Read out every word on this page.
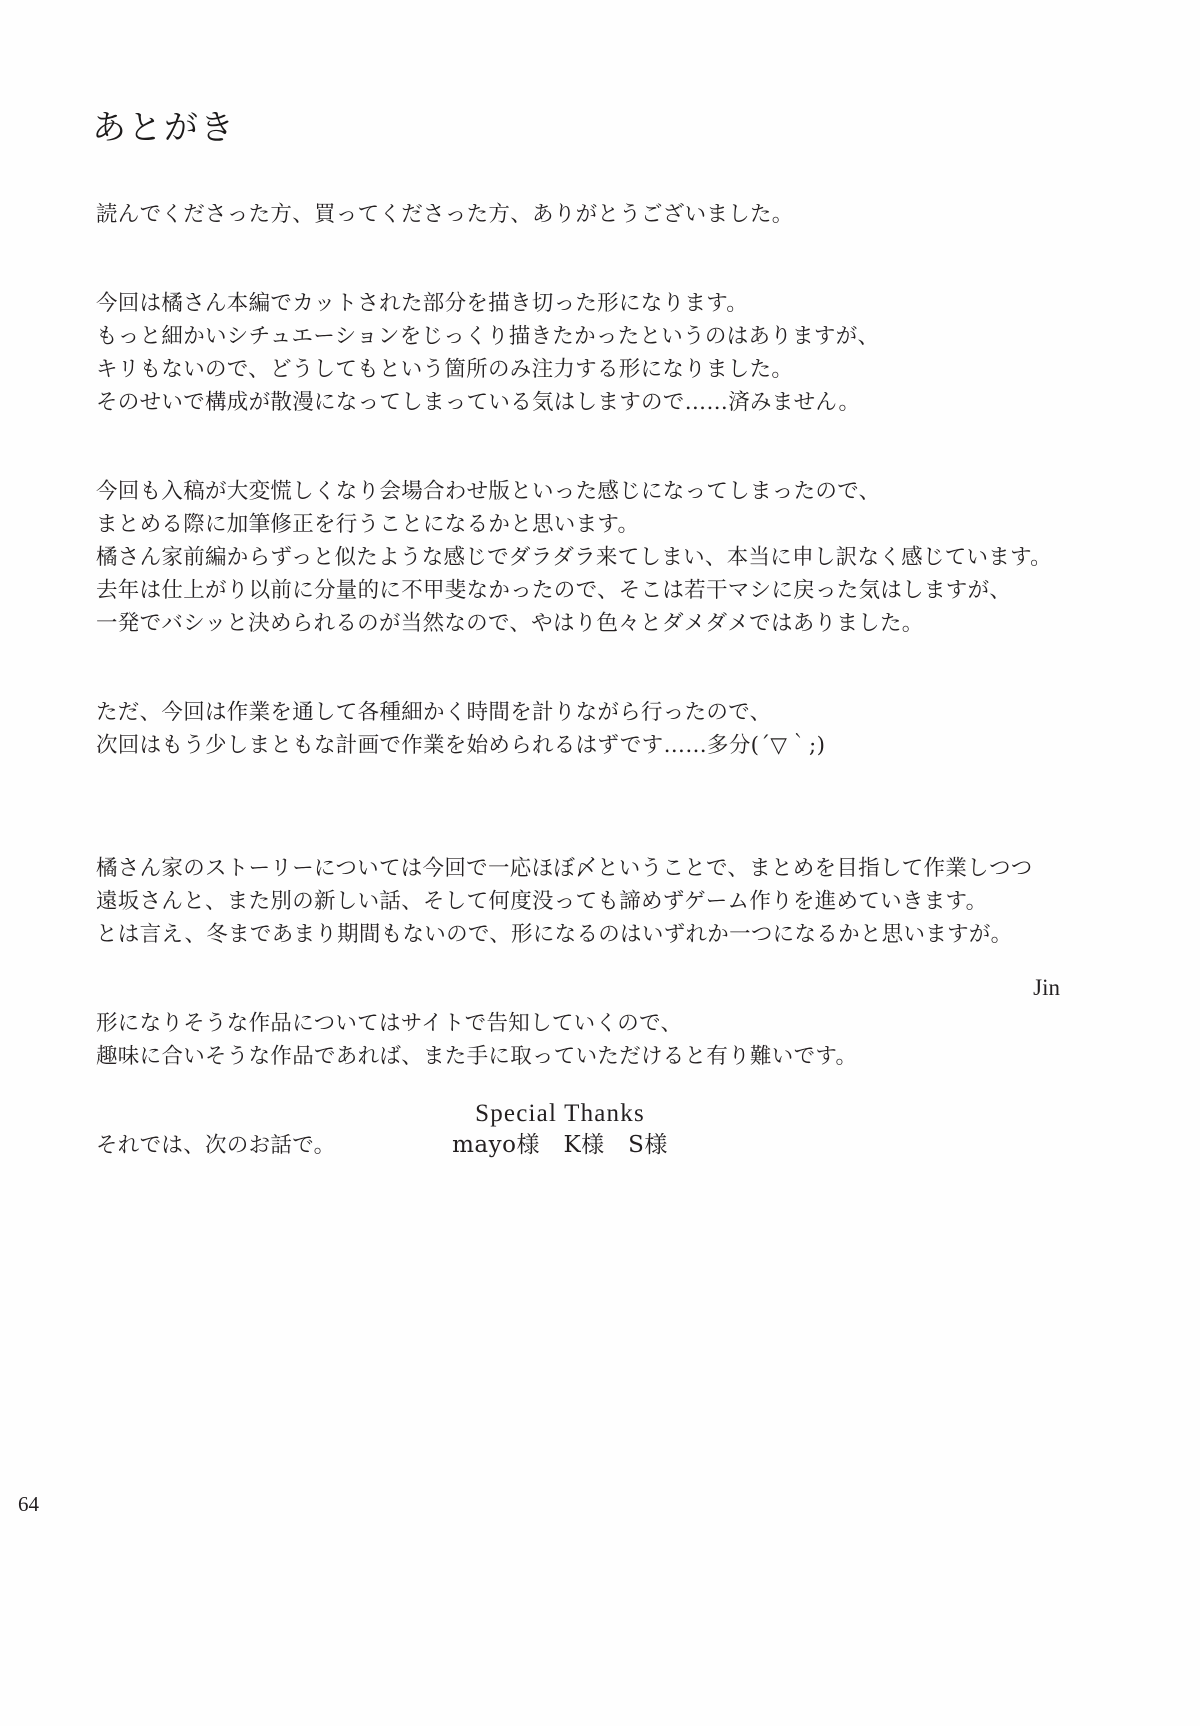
あとがき
読んでくださった方、買ってくださった方、ありがとうございました。
今回は橘さん本編でカットされた部分を描き切った形になります。
もっと細かいシチュエーションをじっくり描きたかったというのはありますが、
キリもないので、どうしてもという箇所のみ注力する形になりました。
そのせいで構成が散漫になってしまっている気はしますので……済みません。
今回も入稿が大変慌しくなり会場合わせ版といった感じになってしまったので、
まとめる際に加筆修正を行うことになるかと思います。
橘さん家前編からずっと似たような感じでダラダラ来てしまい、本当に申し訳なく感じています。
去年は仕上がり以前に分量的に不甲斐なかったので、そこは若干マシに戻った気はしますが、
一発でバシッと決められるのが当然なので、やはり色々とダメダメではありました。
ただ、今回は作業を通して各種細かく時間を計りながら行ったので、
次回はもう少しまともな計画で作業を始められるはずです……多分(´▽｀;)
橘さん家のストーリーについては今回で一応ほぼ〆ということで、まとめを目指して作業しつつ
遠坂さんと、また別の新しい話、そして何度没っても諦めずゲーム作りを進めていきます。
とは言え、冬まであまり期間もないので、形になるのはいずれか一つになるかと思いますが。
形になりそうな作品についてはサイトで告知していくので、
趣味に合いそうな作品であれば、また手に取っていただけると有り難いです。
それでは、次のお話で。
Jin
Special Thanks
mayo様　K様　S様
64
